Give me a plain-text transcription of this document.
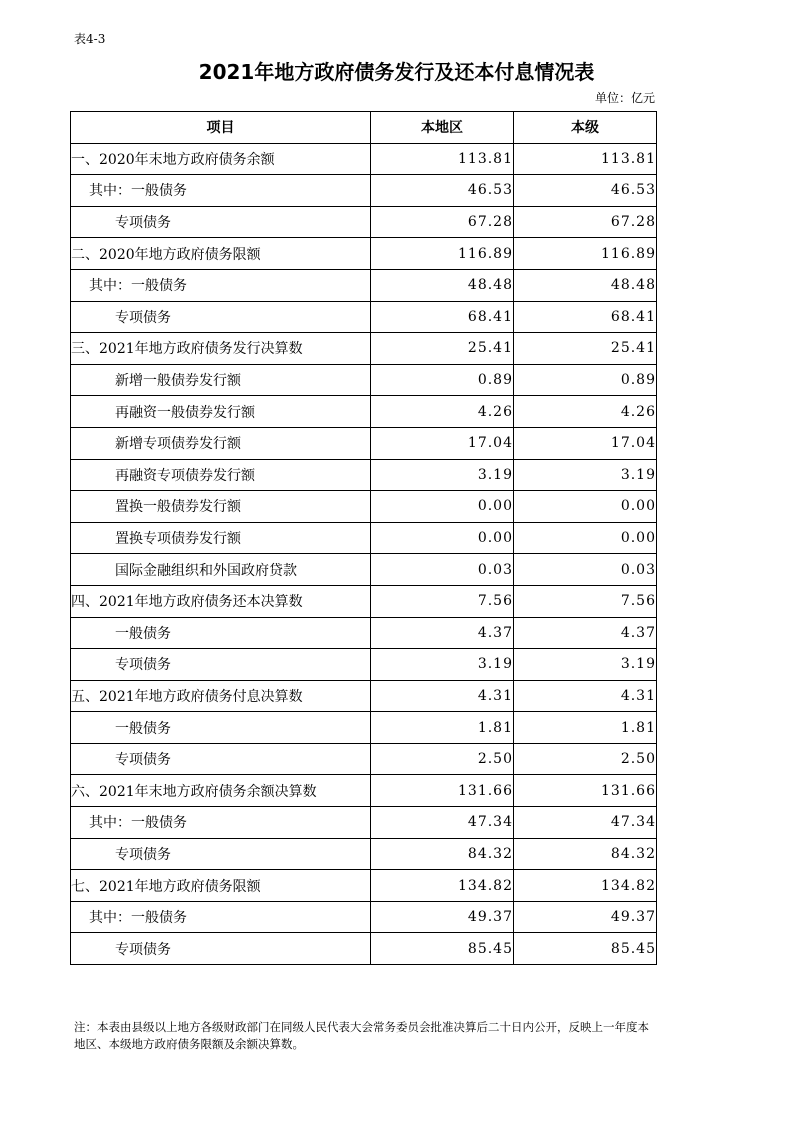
表4-3
2021年地方政府债务发行及还本付息情况表
单位：亿元
项目	本地区	本级
一、2020年末地方政府债务余额	113.81	113.81
其中：一般债务	46.53	46.53
专项债务	67.28	67.28
二、2020年地方政府债务限额	116.89	116.89
其中：一般债务	48.48	48.48
专项债务	68.41	68.41
三、2021年地方政府债务发行决算数	25.41	25.41
新增一般债券发行额	0.89	0.89
再融资一般债券发行额	4.26	4.26
新增专项债券发行额	17.04	17.04
再融资专项债券发行额	3.19	3.19
置换一般债券发行额	0.00	0.00
置换专项债券发行额	0.00	0.00
国际金融组织和外国政府贷款	0.03	0.03
四、2021年地方政府债务还本决算数	7.56	7.56
一般债务	4.37	4.37
专项债务	3.19	3.19
五、2021年地方政府债务付息决算数	4.31	4.31
一般债务	1.81	1.81
专项债务	2.50	2.50
六、2021年末地方政府债务余额决算数	131.66	131.66
其中：一般债务	47.34	47.34
专项债务	84.32	84.32
七、2021年地方政府债务限额	134.82	134.82
其中：一般债务	49.37	49.37
专项债务	85.45	85.45
注：本表由县级以上地方各级财政部门在同级人民代表大会常务委员会批准决算后二十日内公开，反映上一年度本地区、本级地方政府债务限额及余额决算数。
